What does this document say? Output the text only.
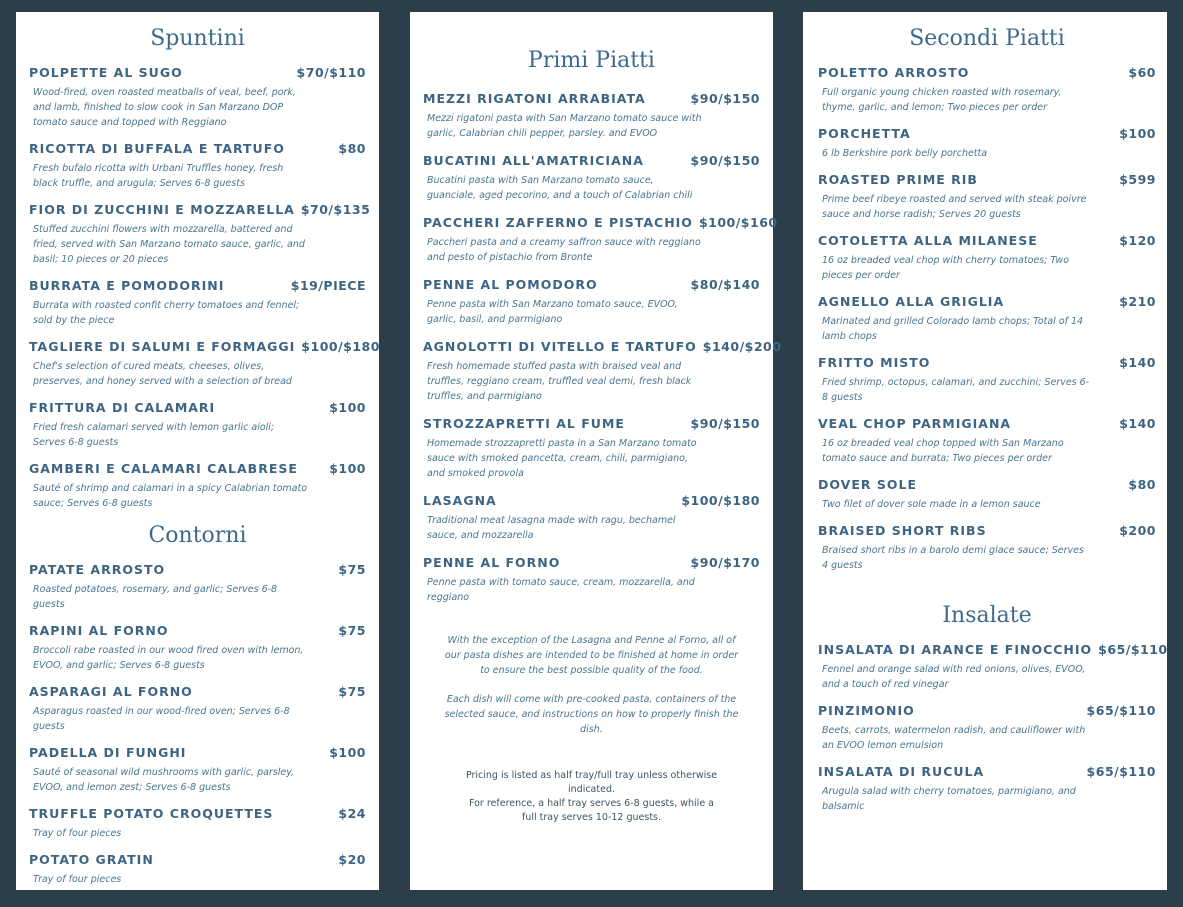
Spuntini
POLPETTE AL SUGO	$70/$110
Wood-fired, oven roasted meatballs of veal, beef, pork, and lamb, finished to slow cook in San Marzano DOP tomato sauce and topped with Reggiano
RICOTTA DI BUFFALA E TARTUFO	$80
Fresh bufalo ricotta with Urbani Truffles honey, fresh black truffle, and arugula; Serves 6-8 guests
FIOR DI ZUCCHINI E MOZZARELLA $70/$135
Stuffed zucchini flowers with mozzarella, battered and fried, served with San Marzano tomato sauce, garlic, and basil; 10 pieces or 20 pieces
BURRATA E POMODORINI	$19/PIECE
Burrata with roasted confit cherry tomatoes and fennel; sold by the piece
TAGLIERE DI SALUMI E FORMAGGI $100/$180
Chef's selection of cured meats, cheeses, olives, preserves, and honey served with a selection of bread
FRITTURA DI CALAMARI	$100
Fried fresh calamari served with lemon garlic aioli; Serves 6-8 guests
GAMBERI E CALAMARI CALABRESE	$100
Sauté of shrimp and calamari in a spicy Calabrian tomato sauce; Serves 6-8 guests
Contorni
PATATE ARROSTO	$75
Roasted potatoes, rosemary, and garlic; Serves 6-8 guests
RAPINI AL FORNO	$75
Broccoli rabe roasted in our wood fired oven with lemon, EVOO, and garlic; Serves 6-8 guests
ASPARAGI AL FORNO	$75
Asparagus roasted in our wood-fired oven; Serves 6-8 guests
PADELLA DI FUNGHI	$100
Sauté of seasonal wild mushrooms with garlic, parsley, EVOO, and lemon zest; Serves 6-8 guests
TRUFFLE POTATO CROQUETTES	$24
Tray of four pieces
POTATO GRATIN	$20
Tray of four pieces
Primi Piatti
MEZZI RIGATONI ARRABIATA	$90/$150
Mezzi rigatoni pasta with San Marzano tomato sauce with garlic, Calabrian chili pepper, parsley. and EVOO
BUCATINI ALL'AMATRICIANA	$90/$150
Bucatini pasta with San Marzano tomato sauce, guanciale, aged pecorino, and a touch of Calabrian chili
PACCHERI ZAFFERNO E PISTACHIO $100/$160
Paccheri pasta and a creamy saffron sauce with reggiano and pesto of pistachio from Bronte
PENNE AL POMODORO	$80/$140
Penne pasta with San Marzano tomato sauce, EVOO, garlic, basil, and parmigiano
AGNOLOTTI DI VITELLO E TARTUFO $140/$200
Fresh homemade stuffed pasta with braised veal and truffles, reggiano cream, truffled veal demi, fresh black truffles, and parmigiano
STROZZAPRETTI AL FUME	$90/$150
Homemade strozzapretti pasta in a San Marzano tomato sauce with smoked pancetta, cream, chili, parmigiano, and smoked provola
LASAGNA	$100/$180
Traditional meat lasagna made with ragu, bechamel sauce, and mozzarella
PENNE AL FORNO	$90/$170
Penne pasta with tomato sauce, cream, mozzarella, and reggiano

With the exception of the Lasagna and Penne al Forno, all of our pasta dishes are intended to be finished at home in order to ensure the best possible quality of the food.

Each dish will come with pre-cooked pasta, containers of the selected sauce, and instructions on how to properly finish the dish.

Pricing is listed as half tray/full tray unless otherwise indicated.
For reference, a half tray serves 6-8 guests, while a full tray serves 10-12 guests.
Secondi Piatti
POLETTO ARROSTO	$60
Full organic young chicken roasted with rosemary, thyme, garlic, and lemon; Two pieces per order
PORCHETTA	$100
6 lb Berkshire pork belly porchetta
ROASTED PRIME RIB	$599
Prime beef ribeye roasted and served with steak poivre sauce and horse radish; Serves 20 guests
COTOLETTA ALLA MILANESE	$120
16 oz breaded veal chop with cherry tomatoes; Two pieces per order
AGNELLO ALLA GRIGLIA	$210
Marinated and grilled Colorado lamb chops; Total of 14 lamb chops
FRITTO MISTO	$140
Fried shrimp, octopus, calamari, and zucchini; Serves 6-8 guests
VEAL CHOP PARMIGIANA	$140
16 oz breaded veal chop topped with San Marzano tomato sauce and burrata; Two pieces per order
DOVER SOLE	$80
Two filet of dover sole made in a lemon sauce
BRAISED SHORT RIBS	$200
Braised short ribs in a barolo demi glace sauce; Serves 4 guests
Insalate
INSALATA DI ARANCE E FINOCCHIO $65/$110
Fennel and orange salad with red onions, olives, EVOO, and a touch of red vinegar
PINZIMONIO	$65/$110
Beets, carrots, watermelon radish, and cauliflower with an EVOO lemon emulsion
INSALATA DI RUCULA	$65/$110
Arugula salad with cherry tomatoes, parmigiano, and balsamic
